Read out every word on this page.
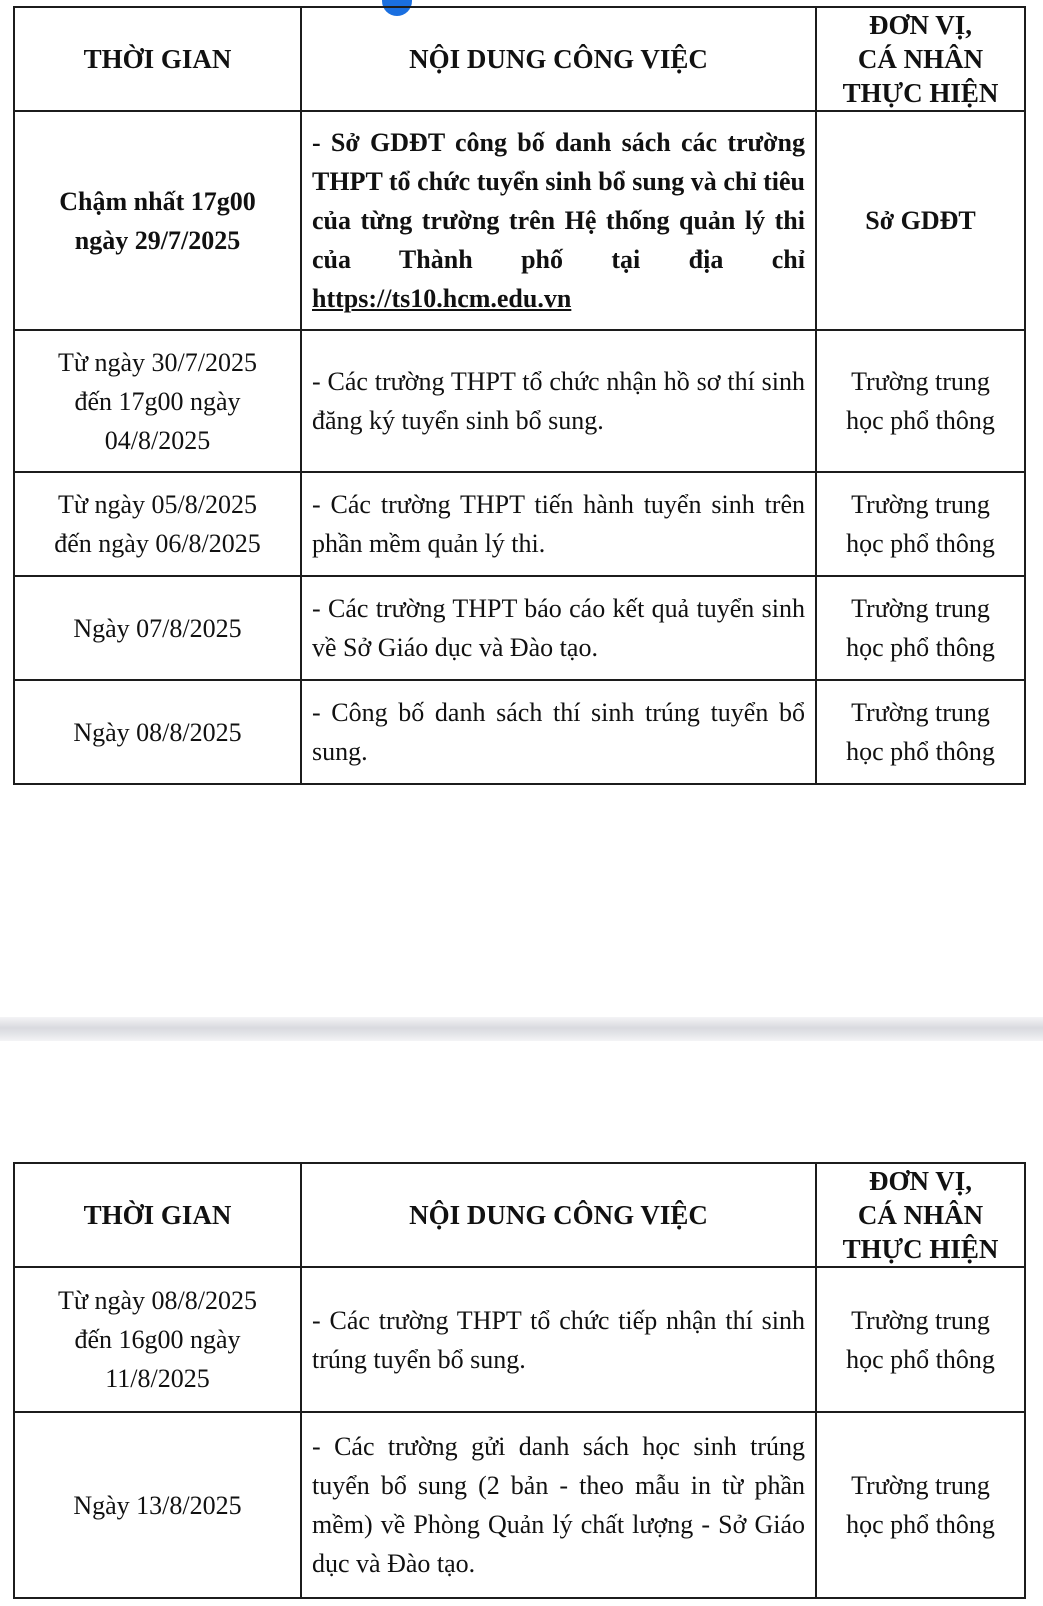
THỜI GIAN	NỘI DUNG CÔNG VIỆC	ĐƠN VỊ,
CÁ NHÂN
THỰC HIỆN
Chậm nhất 17g00
ngày 29/7/2025	- Sở GDĐT công bố danh sách các trường THPT tổ chức tuyển sinh bổ sung và chỉ tiêu của từng trường trên Hệ thống quản lý thi của Thành phố tại địa chỉ https://ts10.hcm.edu.vn	Sở GDĐT
Từ ngày 30/7/2025
đến 17g00 ngày
04/8/2025	- Các trường THPT tổ chức nhận hồ sơ thí sinh đăng ký tuyển sinh bổ sung.	Trường trung
học phổ thông
Từ ngày 05/8/2025
đến ngày 06/8/2025	- Các trường THPT tiến hành tuyển sinh trên phần mềm quản lý thi.	Trường trung
học phổ thông
Ngày 07/8/2025	- Các trường THPT báo cáo kết quả tuyển sinh về Sở Giáo dục và Đào tạo.	Trường trung
học phổ thông
Ngày 08/8/2025	- Công bố danh sách thí sinh trúng tuyển bổ sung.	Trường trung
học phổ thông
THỜI GIAN	NỘI DUNG CÔNG VIỆC	ĐƠN VỊ,
CÁ NHÂN
THỰC HIỆN
Từ ngày 08/8/2025
đến 16g00 ngày
11/8/2025	- Các trường THPT tổ chức tiếp nhận thí sinh trúng tuyển bổ sung.	Trường trung
học phổ thông
Ngày 13/8/2025	- Các trường gửi danh sách học sinh trúng tuyển bổ sung (2 bản - theo mẫu in từ phần mềm) về Phòng Quản lý chất lượng - Sở Giáo dục và Đào tạo.	Trường trung
học phổ thông
